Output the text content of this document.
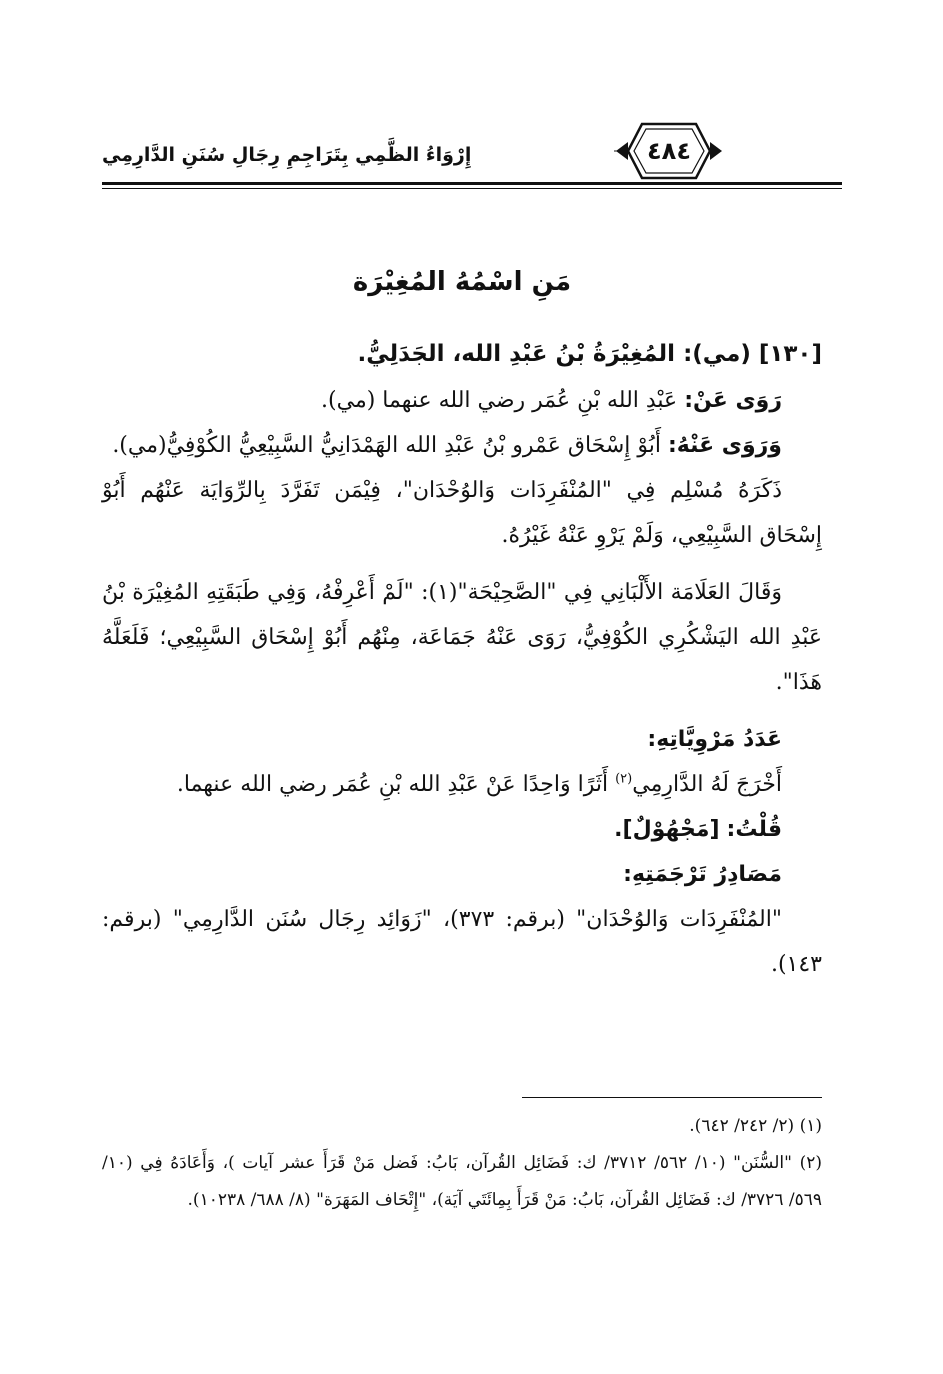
٤٨٤
إِرْوَاءُ الظَّمِي بِتَرَاجِمِ رِجَالِ سُنَنِ الدَّارِمِي
مَنِ اسْمُهُ المُغِيْرَة

[١٣٠] (مي): المُغِيْرَةُ بْنُ عَبْدِ الله، الجَدَلِيُّ.

رَوَى عَنْ: عَبْدِ الله بْنِ عُمَر رضي الله عنهما (مي).

وَرَوَى عَنْهُ: أَبُوْ إِسْحَاق عَمْرو بْنُ عَبْدِ الله الهَمْدَانِيُّ السَّبِيْعِيُّ الكُوْفِيُّ(مي).

ذَكَرَهُ مُسْلِم فِي "المُنْفَرِدَات وَالوُحْدَان"، فِيْمَن تَفَرَّدَ بِالرِّوَايَة عَنْهُم أَبُوْ إِسْحَاق السَّبِيْعِي، وَلَمْ يَرْوِ عَنْهُ غَيْرُهُ.

وَقَالَ العَلَامَة الأَلْبَانِي فِي "الصَّحِيْحَة"(١): "لَمْ أَعْرِفْهُ، وَفِي طَبَقَتِهِ المُغِيْرَة بْنُ عَبْدِ الله اليَشْكُرِي الكُوْفِيُّ، رَوَى عَنْهُ جَمَاعَة، مِنْهُم أَبُوْ إِسْحَاق السَّبِيْعِي؛ فَلَعَلَّهُ هَذَا".

عَدَدُ مَرْوِيَّاتِهِ:

أَخْرَجَ لَهُ الدَّارِمِي$^{(٢)}$ أَثَرًا وَاحِدًا عَنْ عَبْدِ الله بْنِ عُمَر رضي الله عنهما.

قُلْتُ: [مَجْهُوْلٌ].

مَصَادِرُ تَرْجَمَتِهِ:

"المُنْفَرِدَات وَالوُحْدَان" (برقم: ٣٧٣)، "زَوَائِد رِجَال سُنَن الدَّارِمِي" (برقم: ١٤٣).

(١) (٢/ ٢٤٢/ ٦٤٢).

(٢) "السُّنَن" (١٠/ ٥٦٢/ ٣٧١٢/ ك: فَضَائِل القُرآن، بَابُ: فَضل مَنْ قَرَأَ عشر آيات )، وَأَعَادَهُ فِي (١٠/ ٥٦٩/ ٣٧٢٦/ ك: فَضَائِل القُرآن، بَابُ: مَنْ قَرَأَ بِمِائَتَي آيَة)، "إِتْحَاف المَهَرَة" (٨/ ٦٨٨/ ١٠٢٣٨).
